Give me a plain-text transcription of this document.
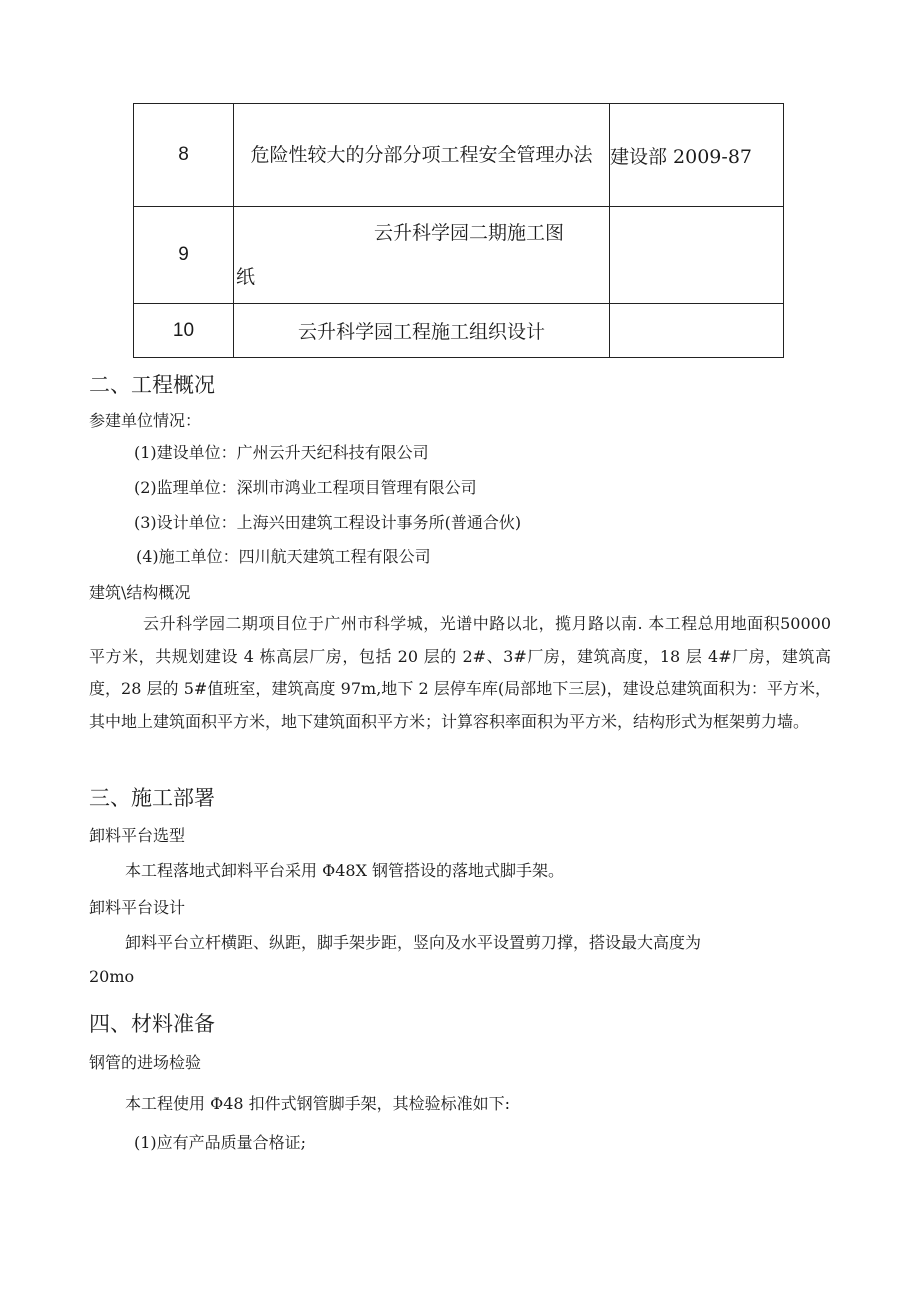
8	危险性较大的分部分项工程安全管理办法	建设部 2009-87
9	云升科学园二期施工图
纸	

10	云升科学园工程施工组织设计	
二、工程概况
参建单位情况：
(1)建设单位：广州云升天纪科技有限公司
(2)监理单位：深圳市鸿业工程项目管理有限公司
(3)设计单位：上海兴田建筑工程设计事务所(普通合伙)
(4)施工单位：四川航天建筑工程有限公司
建筑\结构概况
云升科学园二期项目位于广州市科学城，光谱中路以北，揽月路以南. 本工程总用地面积50000 平方米，共规划建设 4 栋高层厂房，包括 20 层的 2#、3#厂房，建筑高度，18 层 4#厂房，建筑高度，28 层的 5#值班室，建筑高度 97m,地下 2 层停车库(局部地下三层)，建设总建筑面积为：平方米，其中地上建筑面积平方米，地下建筑面积平方米；计算容积率面积为平方米，结构形式为框架剪力墙。
三、施工部署
卸料平台选型
本工程落地式卸料平台采用 Φ48X 钢管搭设的落地式脚手架。
卸料平台设计
卸料平台立杆横距、纵距，脚手架步距，竖向及水平设置剪刀撑，搭设最大高度为
20mo
四、材料准备
钢管的进场检验
本工程使用 Φ48 扣件式钢管脚手架，其检验标准如下:
(1)应有产品质量合格证;
